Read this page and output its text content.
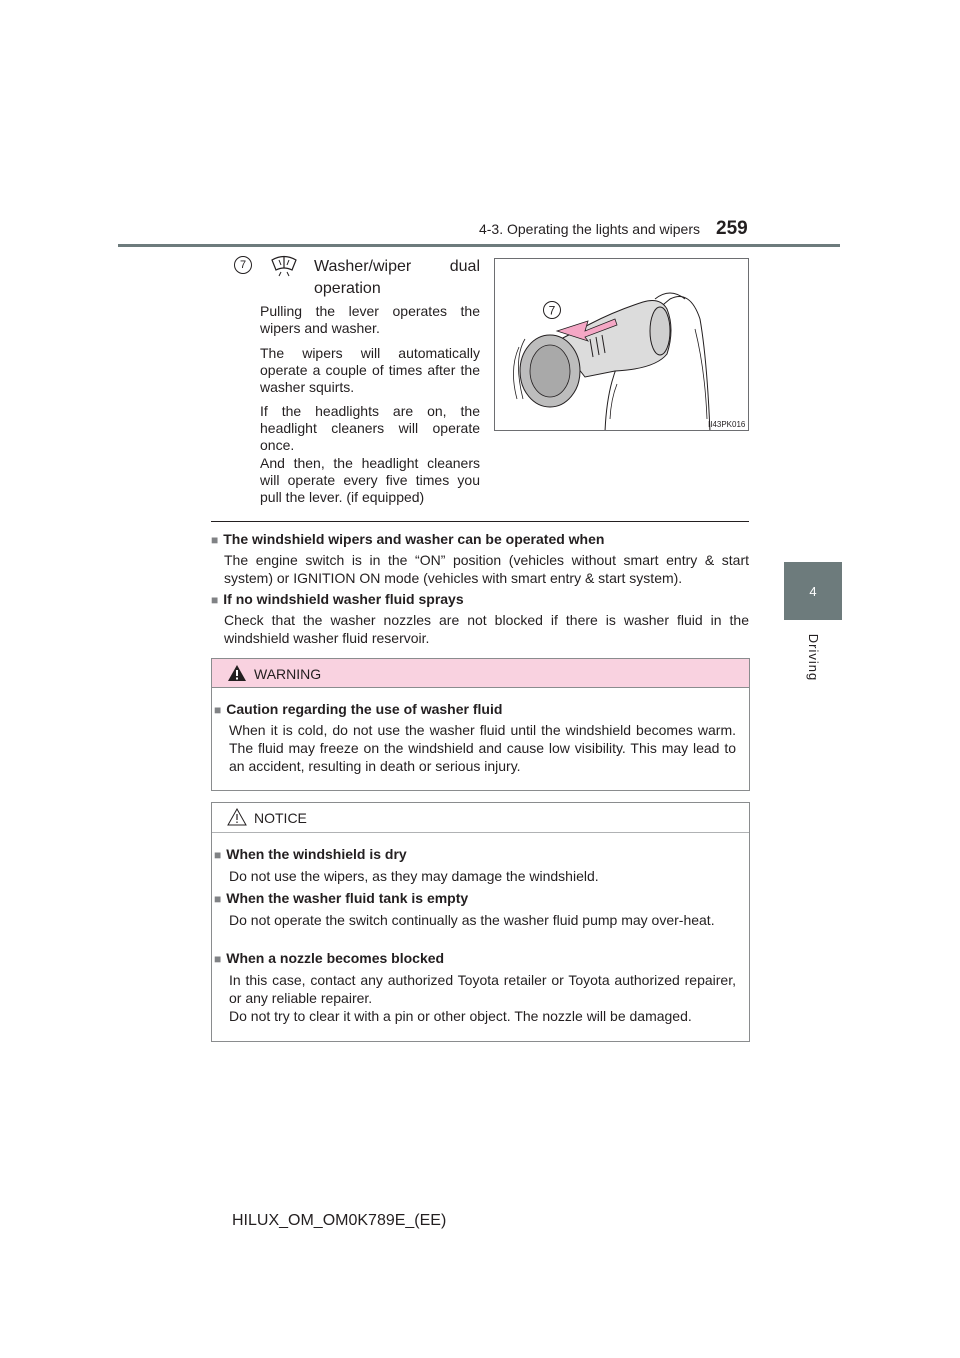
4-3. Operating the lights and wipers 259
4
Driving
7	Washer/wiper dual
operation
Pulling the lever operates the wipers and washer.
The wipers will automatically operate a couple of times after the washer squirts.
If the headlights are on, the headlight cleaners will operate once.
And then, the headlight cleaners will operate every five times you pull the lever. (if equipped)
7
II43PK016
■ The windshield wipers and washer can be operated when
The engine switch is in the “ON” position (vehicles without smart entry & start system) or IGNITION ON mode (vehicles with smart entry & start system).
■ If no windshield washer fluid sprays
Check that the washer nozzles are not blocked if there is washer fluid in the windshield washer fluid reservoir.
WARNING
■ Caution regarding the use of washer fluid
When it is cold, do not use the washer fluid until the windshield becomes warm. The fluid may freeze on the windshield and cause low visibility. This may lead to an accident, resulting in death or serious injury.
NOTICE
■ When the windshield is dry
Do not use the wipers, as they may damage the windshield.
■ When the washer fluid tank is empty
Do not operate the switch continually as the washer fluid pump may over-heat.
■ When a nozzle becomes blocked
In this case, contact any authorized Toyota retailer or Toyota authorized repairer, or any reliable repairer.
Do not try to clear it with a pin or other object. The nozzle will be damaged.
HILUX_OM_OM0K789E_(EE)
